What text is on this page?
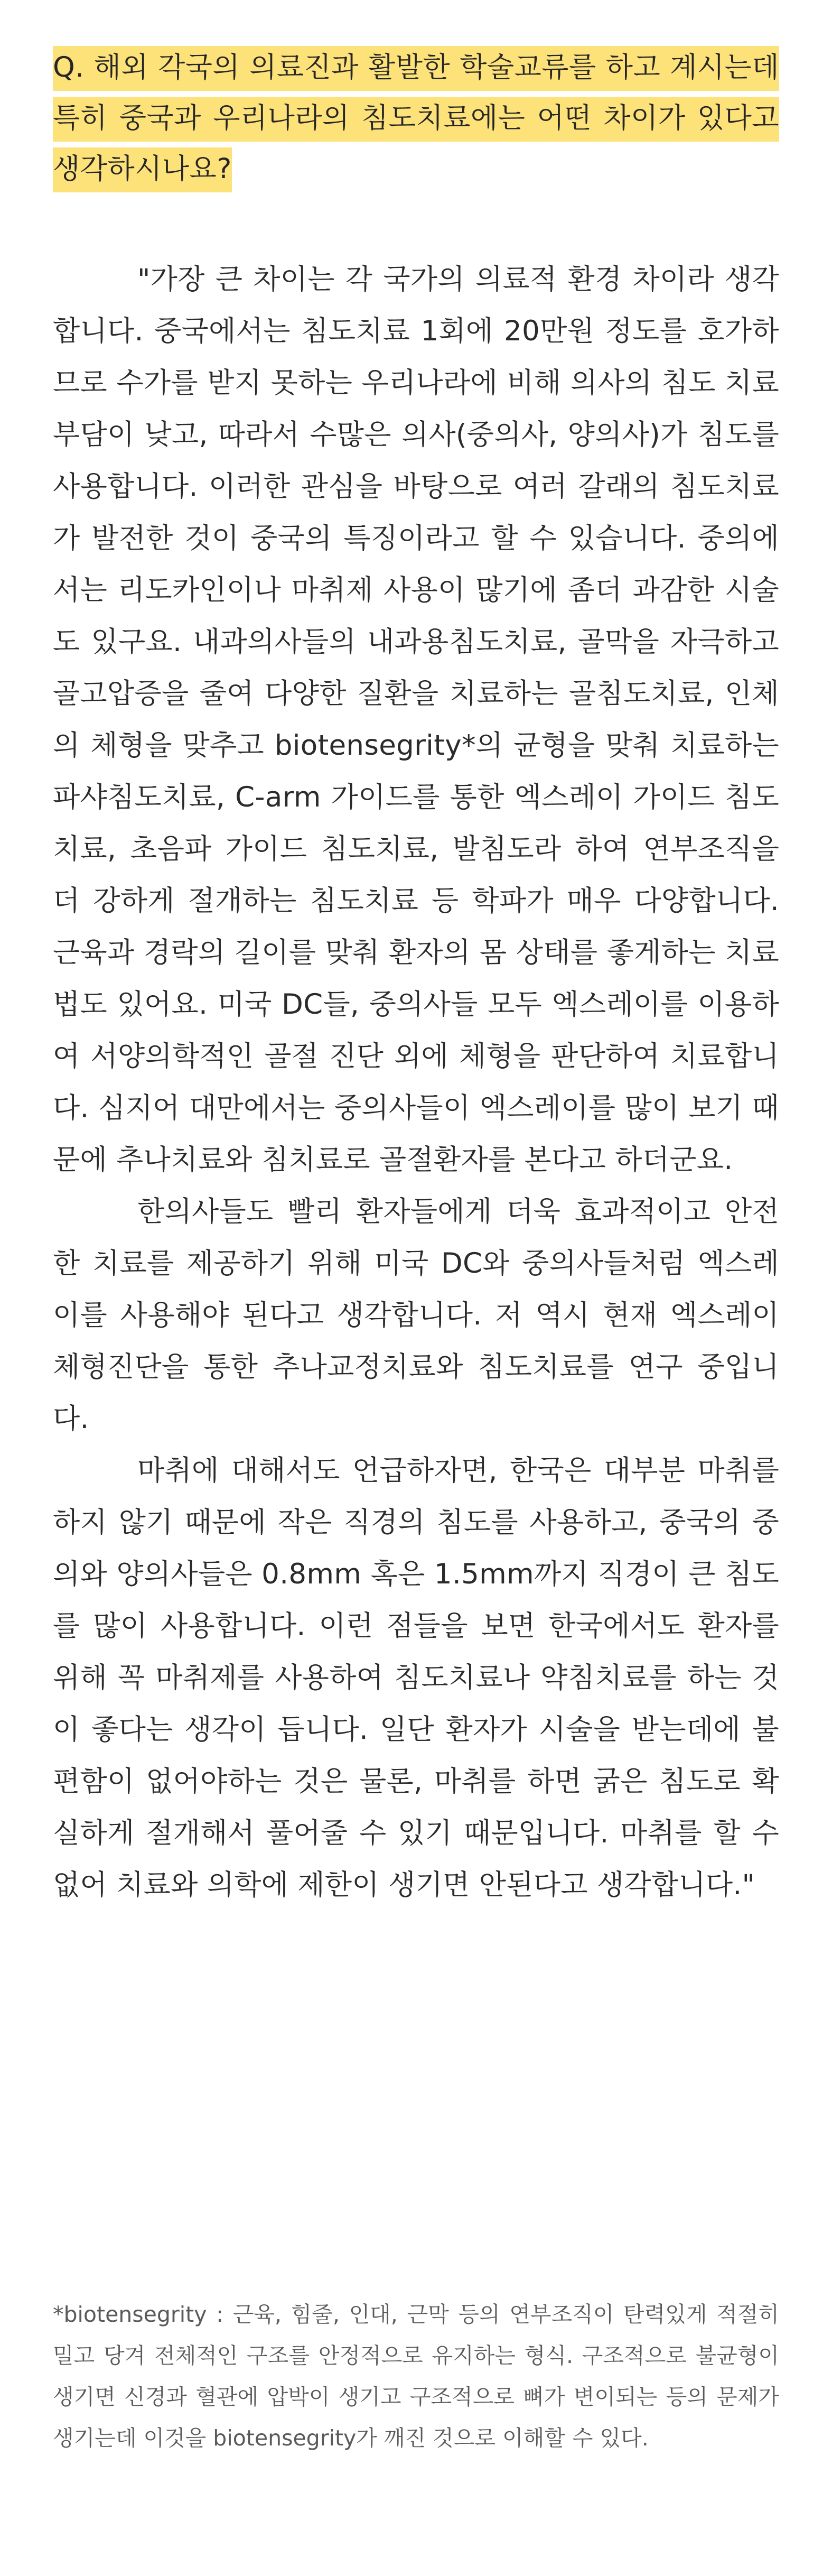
Q. 해외 각국의 의료진과 활발한 학술교류를 하고 계시는데 특히 중국과 우리나라의 침도치료에는 어떤 차이가 있다고 생각하시나요?

"가장 큰 차이는 각 국가의 의료적 환경 차이라 생각합니다. 중국에서는 침도치료 1회에 20만원 정도를 호가하므로 수가를 받지 못하는 우리나라에 비해 의사의 침도 치료 부담이 낮고, 따라서 수많은 의사(중의사, 양의사)가 침도를 사용합니다. 이러한 관심을 바탕으로 여러 갈래의 침도치료가 발전한 것이 중국의 특징이라고 할 수 있습니다. 중의에서는 리도카인이나 마취제 사용이 많기에 좀더 과감한 시술도 있구요. 내과의사들의 내과용침도치료, 골막을 자극하고 골고압증을 줄여 다양한 질환을 치료하는 골침도치료, 인체의 체형을 맞추고 biotensegrity*의 균형을 맞춰 치료하는 파샤침도치료, C-arm 가이드를 통한 엑스레이 가이드 침도치료, 초음파 가이드 침도치료, 발침도라 하여 연부조직을 더 강하게 절개하는 침도치료 등 학파가 매우 다양합니다. 근육과 경락의 길이를 맞춰 환자의 몸 상태를 좋게하는 치료법도 있어요. 미국 DC들, 중의사들 모두 엑스레이를 이용하여 서양의학적인 골절 진단 외에 체형을 판단하여 치료합니다. 심지어 대만에서는 중의사들이 엑스레이를 많이 보기 때문에 추나치료와 침치료로 골절환자를 본다고 하더군요.

한의사들도 빨리 환자들에게 더욱 효과적이고 안전한 치료를 제공하기 위해 미국 DC와 중의사들처럼 엑스레이를 사용해야 된다고 생각합니다. 저 역시 현재 엑스레이 체형진단을 통한 추나교정치료와 침도치료를 연구 중입니다.

마취에 대해서도 언급하자면, 한국은 대부분 마취를 하지 않기 때문에 작은 직경의 침도를 사용하고, 중국의 중의와 양의사들은 0.8mm 혹은 1.5mm까지 직경이 큰 침도를 많이 사용합니다. 이런 점들을 보면 한국에서도 환자를 위해 꼭 마취제를 사용하여 침도치료나 약침치료를 하는 것이 좋다는 생각이 듭니다. 일단 환자가 시술을 받는데에 불편함이 없어야하는 것은 물론, 마취를 하면 굵은 침도로 확실하게 절개해서 풀어줄 수 있기 때문입니다. 마취를 할 수 없어 치료와 의학에 제한이 생기면 안된다고 생각합니다."

*biotensegrity : 근육, 힘줄, 인대, 근막 등의 연부조직이 탄력있게 적절히 밀고 당겨 전체적인 구조를 안정적으로 유지하는 형식. 구조적으로 불균형이 생기면 신경과 혈관에 압박이 생기고 구조적으로 뼈가 변이되는 등의 문제가 생기는데 이것을 biotensegrity가 깨진 것으로 이해할 수 있다.
